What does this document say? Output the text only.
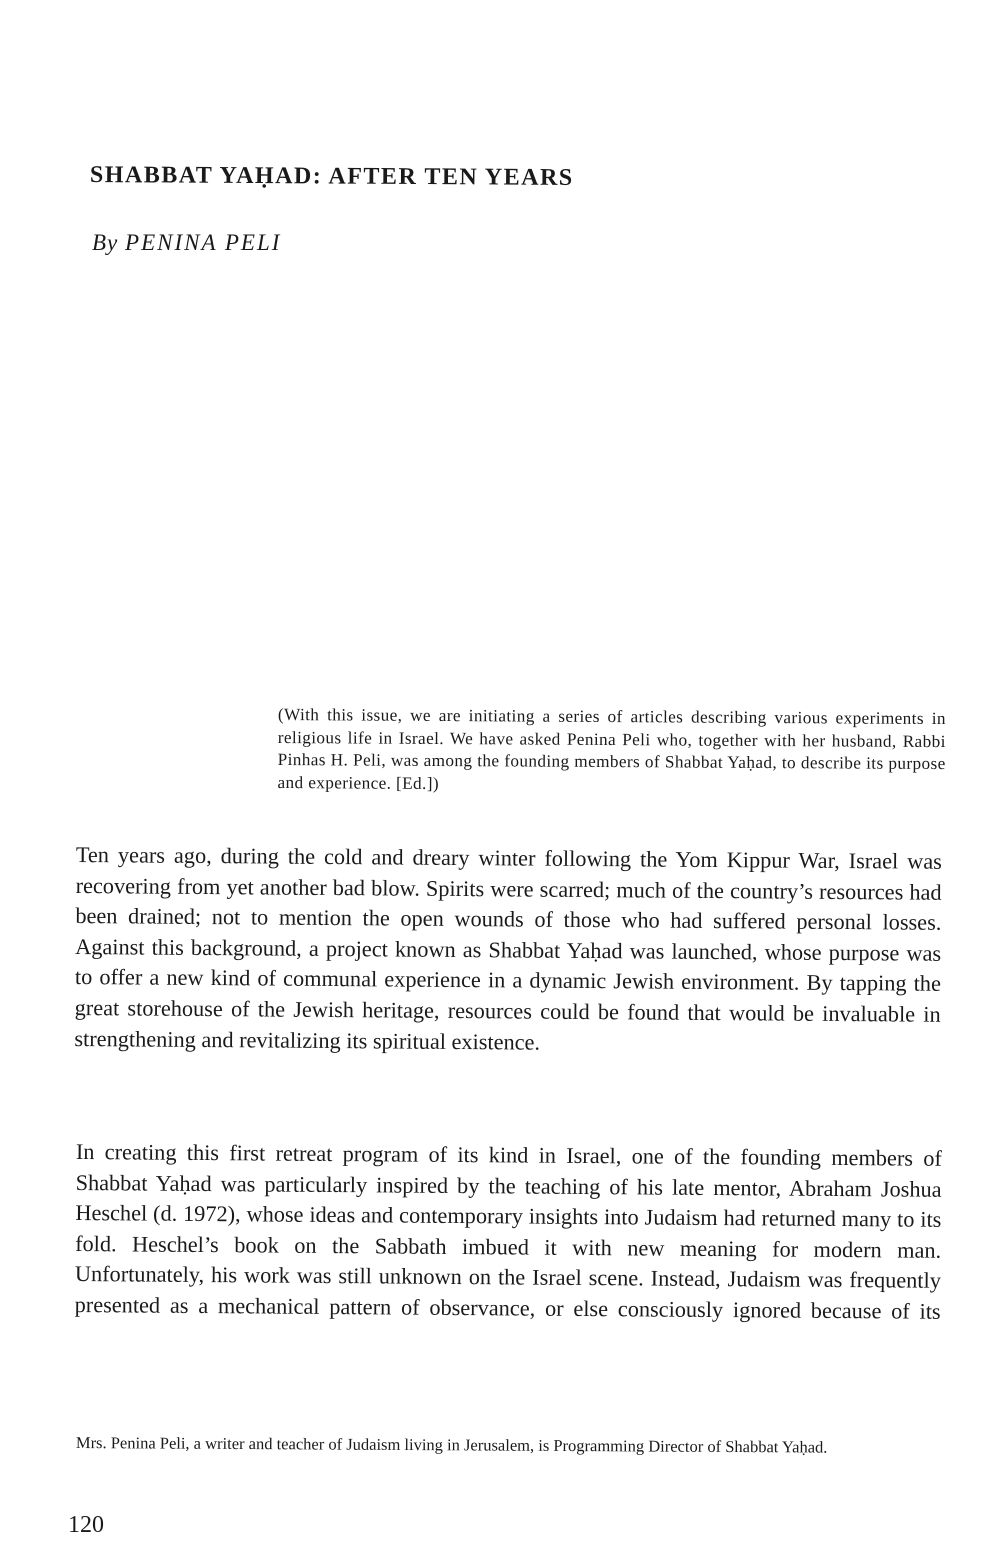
SHABBAT YAḤAD: AFTER TEN YEARS

By PENINA PELI

(With this issue, we are initiating a series of articles describing various experiments in religious life in Israel. We have asked Penina Peli who, together with her husband, Rabbi Pinhas H. Peli, was among the founding members of Shabbat Yaḥad, to describe its purpose and experience. [Ed.])

Ten years ago, during the cold and dreary winter following the Yom Kippur War, Israel was recovering from yet another bad blow. Spirits were scarred; much of the country’s resources had been drained; not to mention the open wounds of those who had suffered personal losses. Against this background, a project known as Shabbat Yaḥad was launched, whose purpose was to offer a new kind of communal experience in a dynamic Jewish environment. By tapping the great storehouse of the Jewish heritage, resources could be found that would be invaluable in strengthening and revitalizing its spiritual existence.

In creating this first retreat program of its kind in Israel, one of the founding members of Shabbat Yaḥad was particularly inspired by the teaching of his late mentor, Abraham Joshua Heschel (d. 1972), whose ideas and contemporary insights into Judaism had returned many to its fold. Heschel’s book on the Sabbath imbued it with new meaning for modern man. Unfortunately, his work was still unknown on the Israel scene. Instead, Judaism was frequently presented as a mechanical pattern of observance, or else consciously ignored because of its

Mrs. Penina Peli, a writer and teacher of Judaism living in Jerusalem, is Programming Director of Shabbat Yaḥad.

120
